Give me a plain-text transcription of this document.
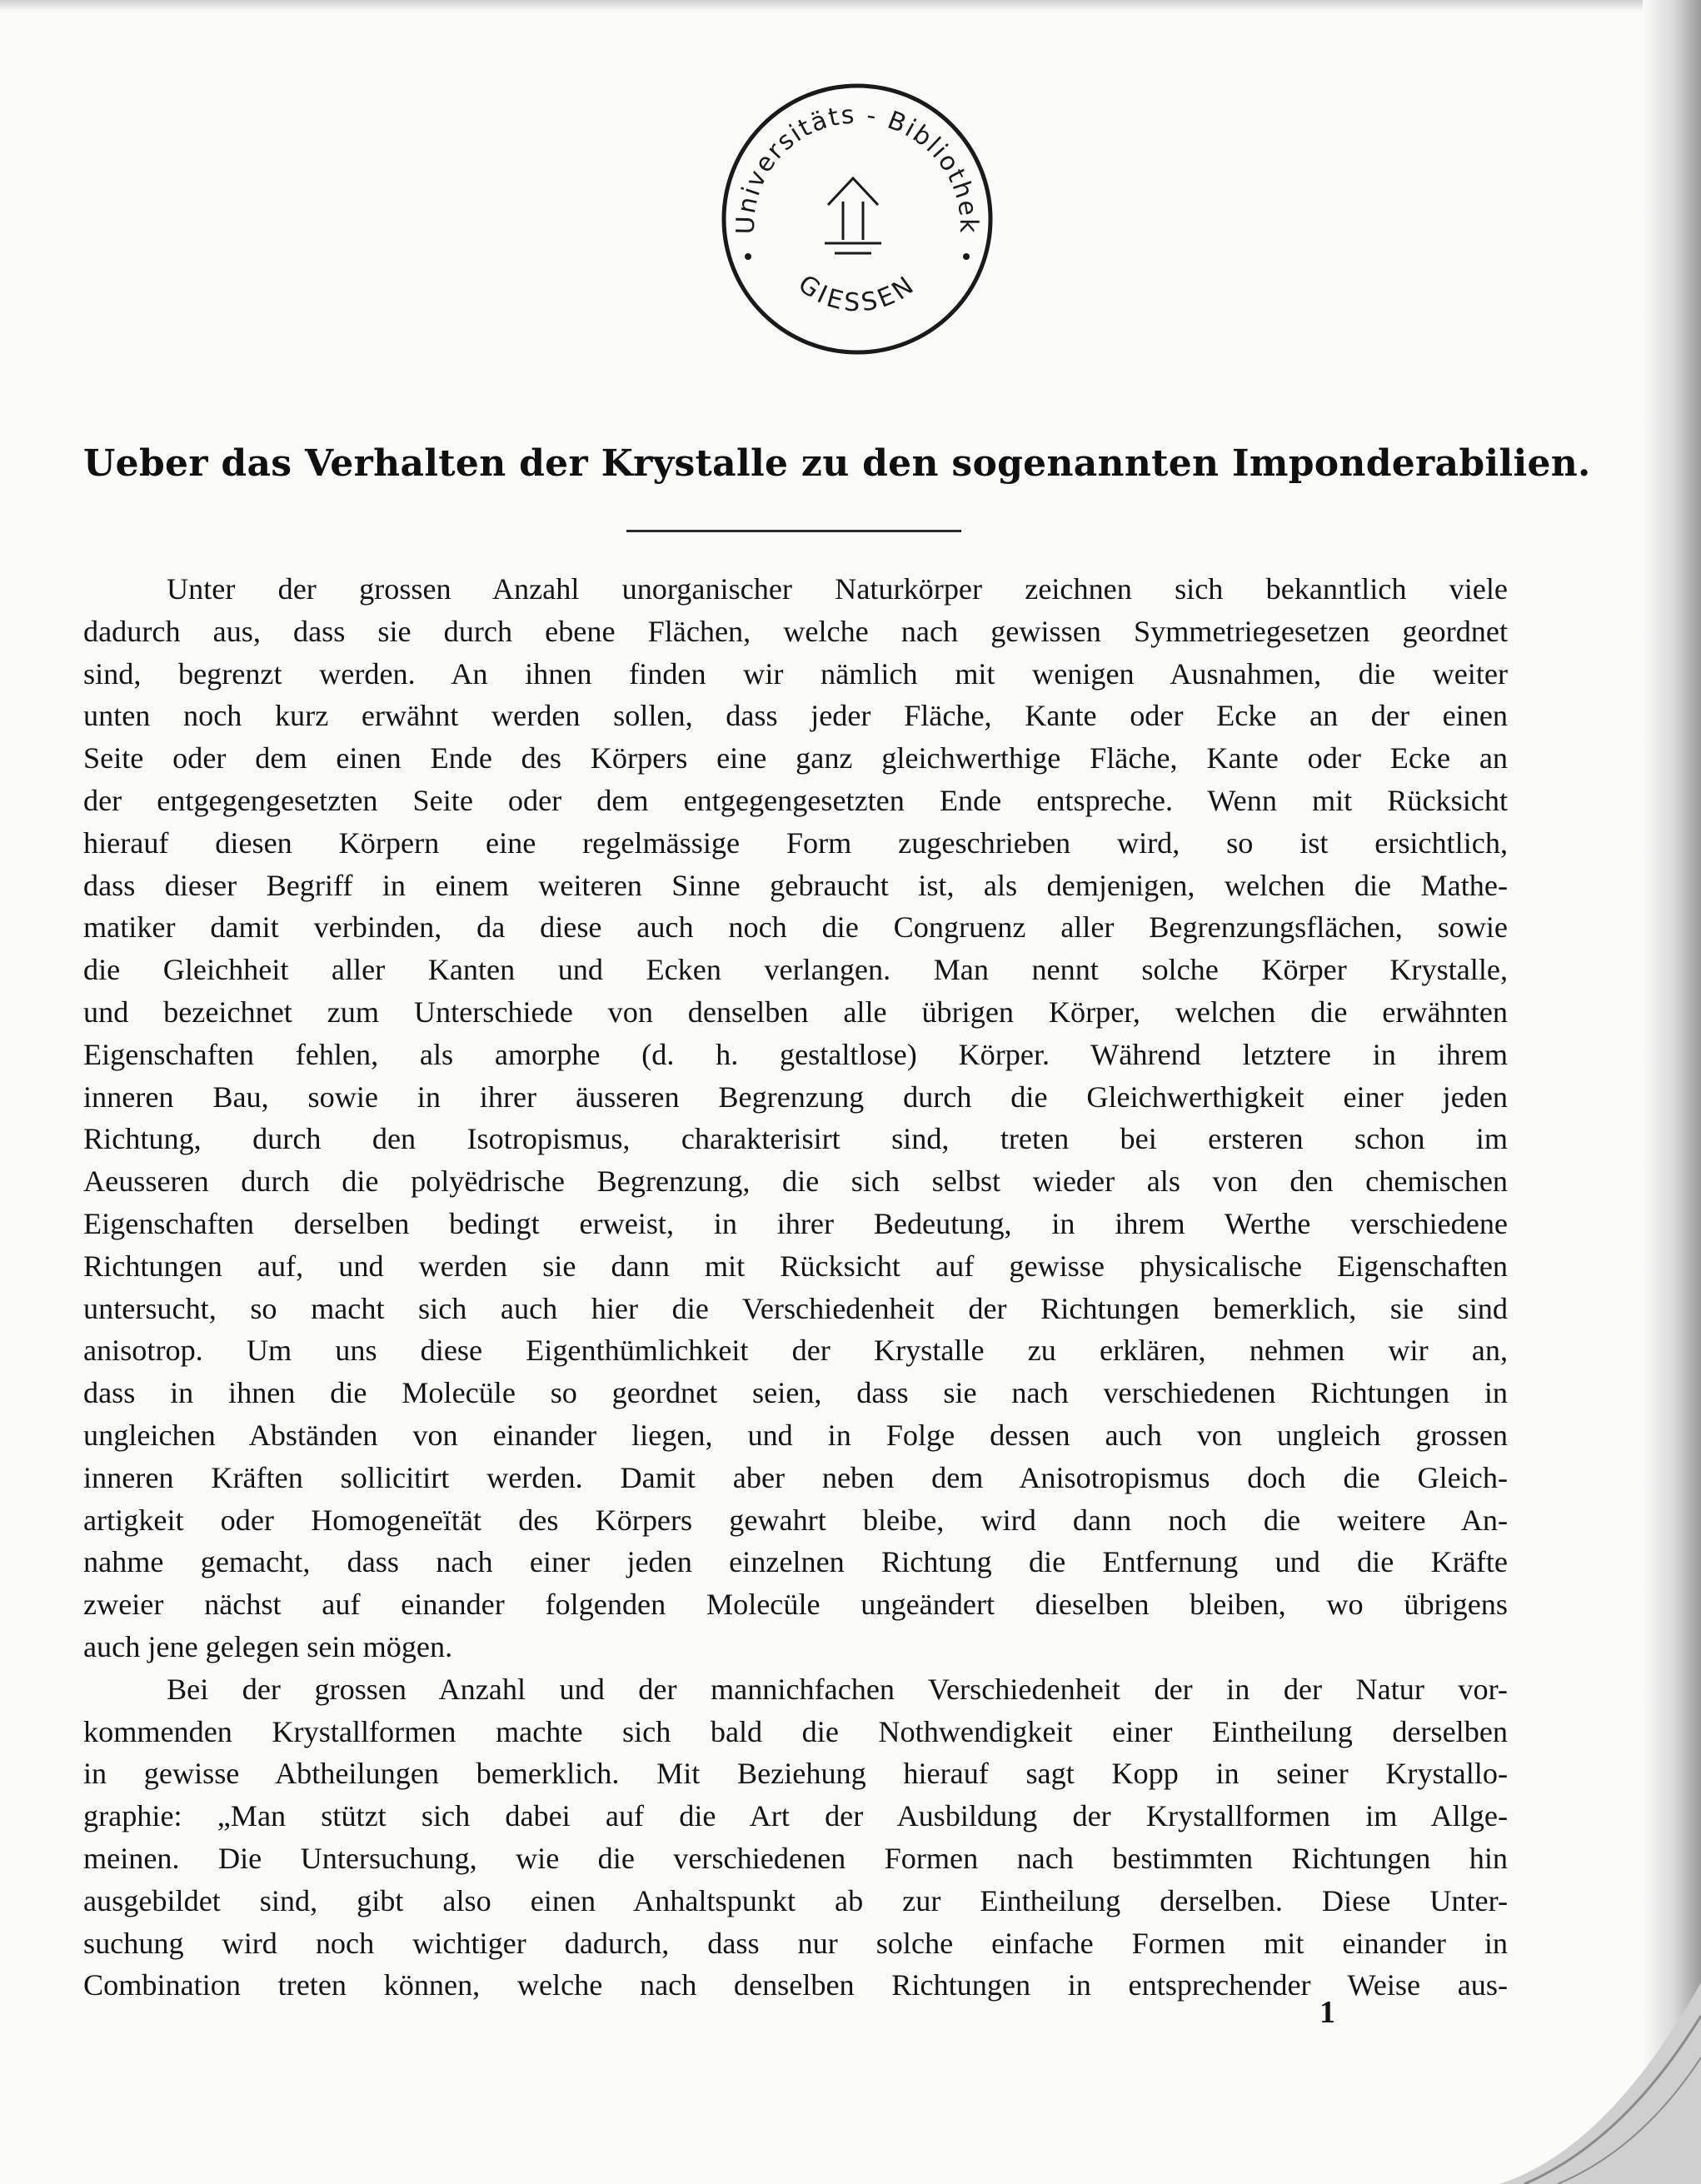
Universitäts - Bibliothek
GIESSEN
Ueber das Verhalten der Krystalle zu den sogenannten Imponderabilien.
Unter der grossen Anzahl unorganischer Naturkörper zeichnen sich bekanntlich viele
dadurch aus, dass sie durch ebene Flächen, welche nach gewissen Symmetriegesetzen geordnet
sind, begrenzt werden. An ihnen finden wir nämlich mit wenigen Ausnahmen, die weiter
unten noch kurz erwähnt werden sollen, dass jeder Fläche, Kante oder Ecke an der einen
Seite oder dem einen Ende des Körpers eine ganz gleichwerthige Fläche, Kante oder Ecke an
der entgegengesetzten Seite oder dem entgegengesetzten Ende entspreche. Wenn mit Rücksicht
hierauf diesen Körpern eine regelmässige Form zugeschrieben wird, so ist ersichtlich,
dass dieser Begriff in einem weiteren Sinne gebraucht ist, als demjenigen, welchen die Mathe-
matiker damit verbinden, da diese auch noch die Congruenz aller Begrenzungsflächen, sowie
die Gleichheit aller Kanten und Ecken verlangen. Man nennt solche Körper Krystalle,
und bezeichnet zum Unterschiede von denselben alle übrigen Körper, welchen die erwähnten
Eigenschaften fehlen, als amorphe (d. h. gestaltlose) Körper. Während letztere in ihrem
inneren Bau, sowie in ihrer äusseren Begrenzung durch die Gleichwerthigkeit einer jeden
Richtung, durch den Isotropismus, charakterisirt sind, treten bei ersteren schon im
Aeusseren durch die polyëdrische Begrenzung, die sich selbst wieder als von den chemischen
Eigenschaften derselben bedingt erweist, in ihrer Bedeutung, in ihrem Werthe verschiedene
Richtungen auf, und werden sie dann mit Rücksicht auf gewisse physicalische Eigenschaften
untersucht, so macht sich auch hier die Verschiedenheit der Richtungen bemerklich, sie sind
anisotrop. Um uns diese Eigenthümlichkeit der Krystalle zu erklären, nehmen wir an,
dass in ihnen die Molecüle so geordnet seien, dass sie nach verschiedenen Richtungen in
ungleichen Abständen von einander liegen, und in Folge dessen auch von ungleich grossen
inneren Kräften sollicitirt werden. Damit aber neben dem Anisotropismus doch die Gleich-
artigkeit oder Homogeneïtät des Körpers gewahrt bleibe, wird dann noch die weitere An-
nahme gemacht, dass nach einer jeden einzelnen Richtung die Entfernung und die Kräfte
zweier nächst auf einander folgenden Molecüle ungeändert dieselben bleiben, wo übrigens
auch jene gelegen sein mögen.
Bei der grossen Anzahl und der mannichfachen Verschiedenheit der in der Natur vor-
kommenden Krystallformen machte sich bald die Nothwendigkeit einer Eintheilung derselben
in gewisse Abtheilungen bemerklich. Mit Beziehung hierauf sagt Kopp in seiner Krystallo-
graphie: „Man stützt sich dabei auf die Art der Ausbildung der Krystallformen im Allge-
meinen. Die Untersuchung, wie die verschiedenen Formen nach bestimmten Richtungen hin
ausgebildet sind, gibt also einen Anhaltspunkt ab zur Eintheilung derselben. Diese Unter-
suchung wird noch wichtiger dadurch, dass nur solche einfache Formen mit einander in
Combination treten können, welche nach denselben Richtungen in entsprechender Weise aus-
1
